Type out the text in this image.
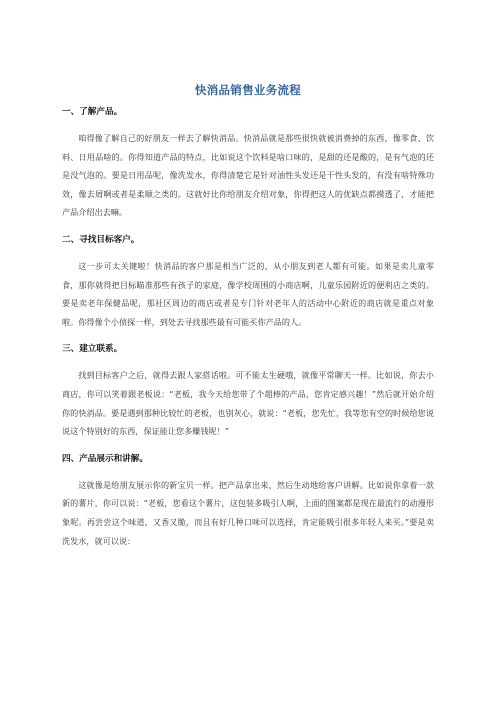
快消品销售业务流程
一、了解产品。

咱得像了解自己的好朋友一样去了解快消品。快消品就是那些很快就被消费掉的东西，像零食、饮料、日用品啥的。你得知道产品的特点，比如说这个饮料是啥口味的，是甜的还是酸的，是有气泡的还是没气泡的。要是日用品呢，像洗发水，你得清楚它是针对油性头发还是干性头发的，有没有啥特殊功效，像去屑啊或者是柔顺之类的。这就好比你给朋友介绍对象，你得把这人的优缺点都摸透了，才能把产品介绍出去嘛。

二、寻找目标客户。

这一步可太关键啦！快消品的客户那是相当广泛的，从小朋友到老人都有可能。如果是卖儿童零食，那你就得把目标瞄准那些有孩子的家庭，像学校周围的小商店啊，儿童乐园附近的便利店之类的。要是卖老年保健品呢，那社区周边的商店或者是专门针对老年人的活动中心附近的商店就是重点对象啦。你得像个小侦探一样，到处去寻找那些最有可能买你产品的人。

三、建立联系。

找到目标客户之后，就得去跟人家搭话啦。可不能太生硬哦，就像平常聊天一样。比如说，你去小商店，你可以笑着跟老板说：“老板，我今天给您带了个超棒的产品，您肯定感兴趣！”然后就开始介绍你的快消品。要是遇到那种比较忙的老板，也别灰心，就说：“老板，您先忙，我等您有空的时候给您说说这个特别好的东西，保证能让您多赚钱呢！”

四、产品展示和讲解。

这就像是给朋友展示你的新宝贝一样。把产品拿出来，然后生动地给客户讲解。比如说你拿着一款新的薯片，你可以说：“老板，您看这个薯片，这包装多吸引人啊，上面的图案都是现在最流行的动漫形象呢。再尝尝这个味道，又香又脆，而且有好几种口味可以选择，肯定能吸引很多年轻人来买。”要是卖洗发水，就可以说：
